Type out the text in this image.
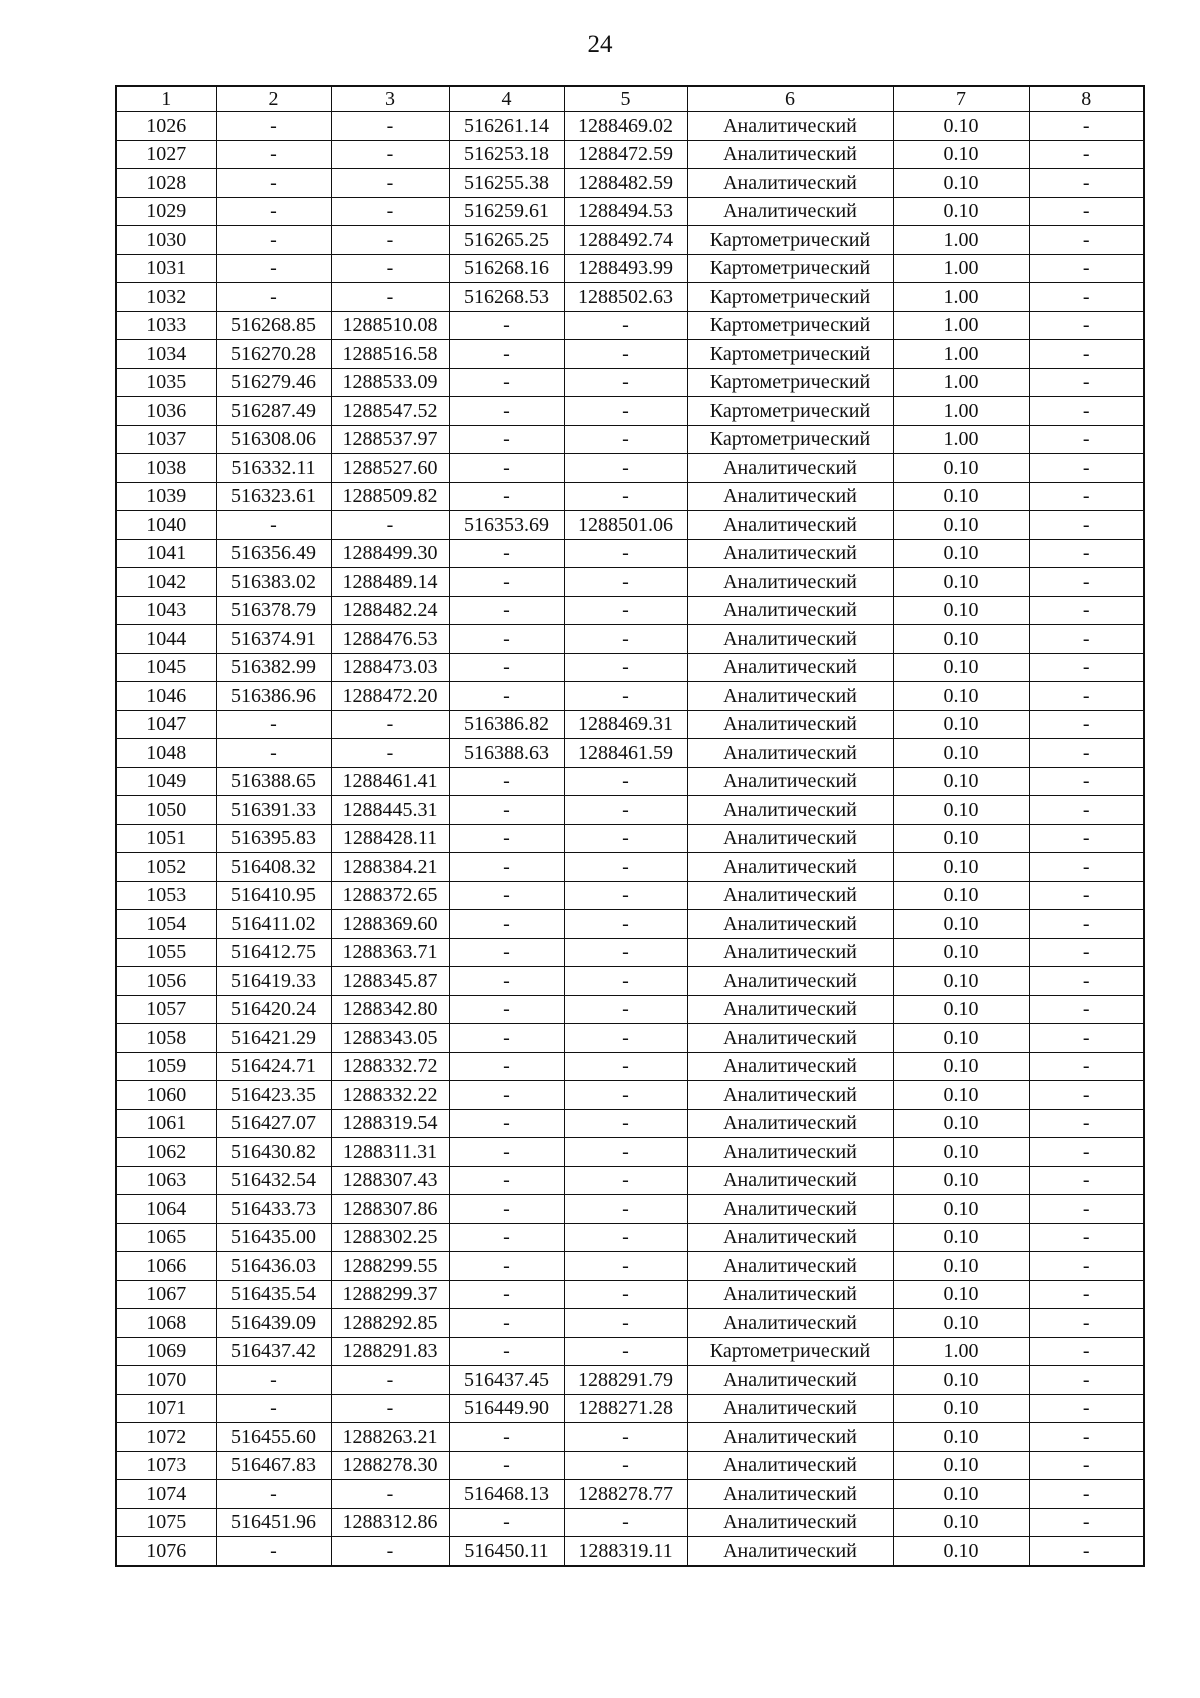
24
1	2	3	4	5	6	7	8
1026	-	-	516261.14	1288469.02	Аналитический	0.10	-
1027	-	-	516253.18	1288472.59	Аналитический	0.10	-
1028	-	-	516255.38	1288482.59	Аналитический	0.10	-
1029	-	-	516259.61	1288494.53	Аналитический	0.10	-
1030	-	-	516265.25	1288492.74	Картометрический	1.00	-
1031	-	-	516268.16	1288493.99	Картометрический	1.00	-
1032	-	-	516268.53	1288502.63	Картометрический	1.00	-
1033	516268.85	1288510.08	-	-	Картометрический	1.00	-
1034	516270.28	1288516.58	-	-	Картометрический	1.00	-
1035	516279.46	1288533.09	-	-	Картометрический	1.00	-
1036	516287.49	1288547.52	-	-	Картометрический	1.00	-
1037	516308.06	1288537.97	-	-	Картометрический	1.00	-
1038	516332.11	1288527.60	-	-	Аналитический	0.10	-
1039	516323.61	1288509.82	-	-	Аналитический	0.10	-
1040	-	-	516353.69	1288501.06	Аналитический	0.10	-
1041	516356.49	1288499.30	-	-	Аналитический	0.10	-
1042	516383.02	1288489.14	-	-	Аналитический	0.10	-
1043	516378.79	1288482.24	-	-	Аналитический	0.10	-
1044	516374.91	1288476.53	-	-	Аналитический	0.10	-
1045	516382.99	1288473.03	-	-	Аналитический	0.10	-
1046	516386.96	1288472.20	-	-	Аналитический	0.10	-
1047	-	-	516386.82	1288469.31	Аналитический	0.10	-
1048	-	-	516388.63	1288461.59	Аналитический	0.10	-
1049	516388.65	1288461.41	-	-	Аналитический	0.10	-
1050	516391.33	1288445.31	-	-	Аналитический	0.10	-
1051	516395.83	1288428.11	-	-	Аналитический	0.10	-
1052	516408.32	1288384.21	-	-	Аналитический	0.10	-
1053	516410.95	1288372.65	-	-	Аналитический	0.10	-
1054	516411.02	1288369.60	-	-	Аналитический	0.10	-
1055	516412.75	1288363.71	-	-	Аналитический	0.10	-
1056	516419.33	1288345.87	-	-	Аналитический	0.10	-
1057	516420.24	1288342.80	-	-	Аналитический	0.10	-
1058	516421.29	1288343.05	-	-	Аналитический	0.10	-
1059	516424.71	1288332.72	-	-	Аналитический	0.10	-
1060	516423.35	1288332.22	-	-	Аналитический	0.10	-
1061	516427.07	1288319.54	-	-	Аналитический	0.10	-
1062	516430.82	1288311.31	-	-	Аналитический	0.10	-
1063	516432.54	1288307.43	-	-	Аналитический	0.10	-
1064	516433.73	1288307.86	-	-	Аналитический	0.10	-
1065	516435.00	1288302.25	-	-	Аналитический	0.10	-
1066	516436.03	1288299.55	-	-	Аналитический	0.10	-
1067	516435.54	1288299.37	-	-	Аналитический	0.10	-
1068	516439.09	1288292.85	-	-	Аналитический	0.10	-
1069	516437.42	1288291.83	-	-	Картометрический	1.00	-
1070	-	-	516437.45	1288291.79	Аналитический	0.10	-
1071	-	-	516449.90	1288271.28	Аналитический	0.10	-
1072	516455.60	1288263.21	-	-	Аналитический	0.10	-
1073	516467.83	1288278.30	-	-	Аналитический	0.10	-
1074	-	-	516468.13	1288278.77	Аналитический	0.10	-
1075	516451.96	1288312.86	-	-	Аналитический	0.10	-
1076	-	-	516450.11	1288319.11	Аналитический	0.10	-
